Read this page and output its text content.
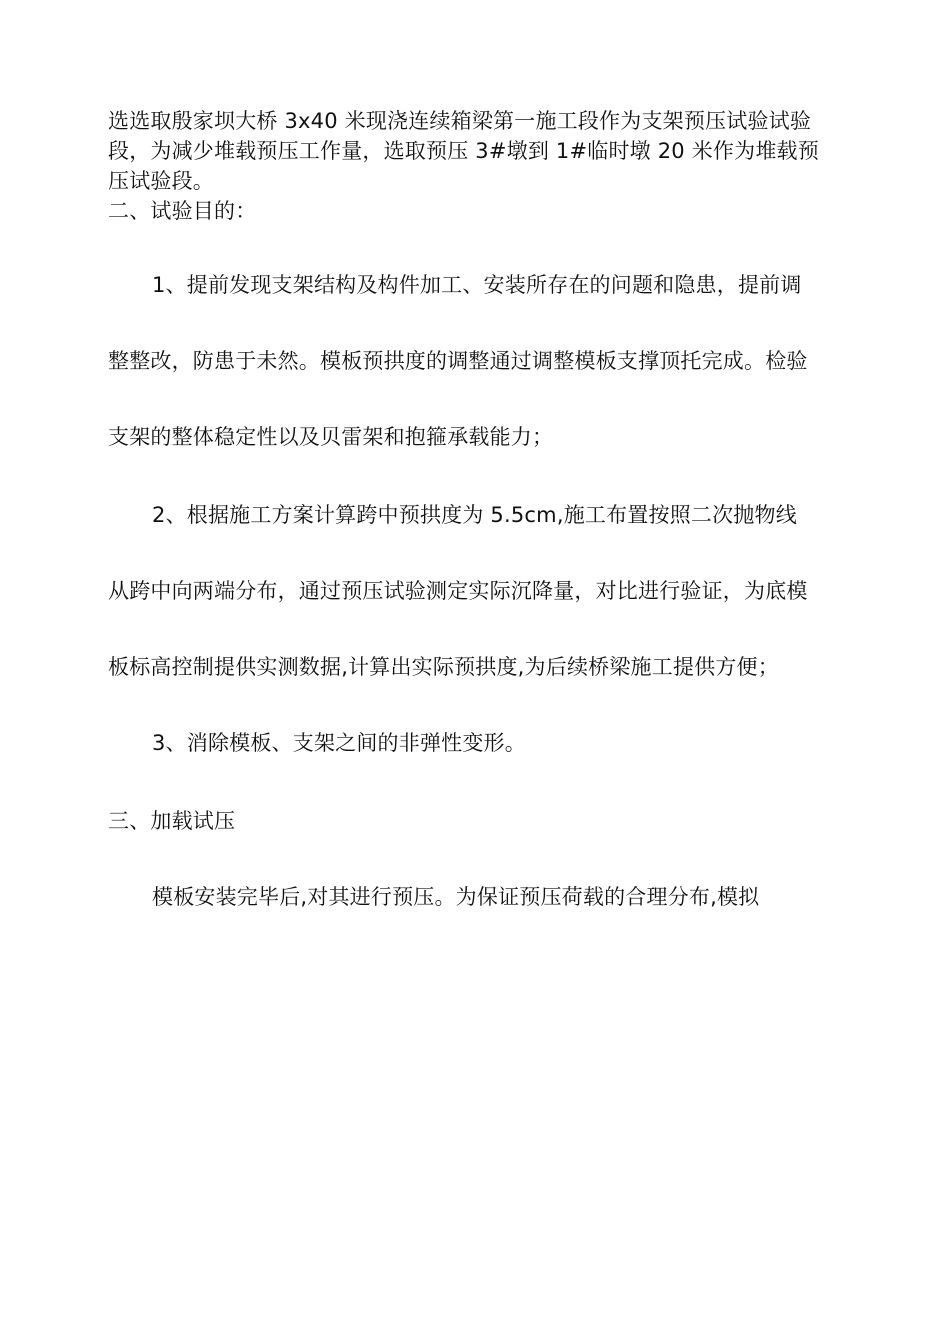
选选取殷家坝大桥 3x40 米现浇连续箱梁第一施工段作为支架预压试验试验
段，为减少堆载预压工作量，选取预压 3#墩到 1#临时墩 20 米作为堆载预
压试验段。
二、试验目的：
1、提前发现支架结构及构件加工、安装所存在的问题和隐患，提前调
整整改，防患于未然。模板预拱度的调整通过调整模板支撑顶托完成。检验
支架的整体稳定性以及贝雷架和抱箍承载能力；
2、根据施工方案计算跨中预拱度为 5.5cm,施工布置按照二次抛物线
从跨中向两端分布，通过预压试验测定实际沉降量，对比进行验证，为底模
板标高控制提供实测数据,计算出实际预拱度,为后续桥梁施工提供方便；
3、消除模板、支架之间的非弹性变形。
三、加载试压
模板安装完毕后,对其进行预压。为保证预压荷载的合理分布,模拟
